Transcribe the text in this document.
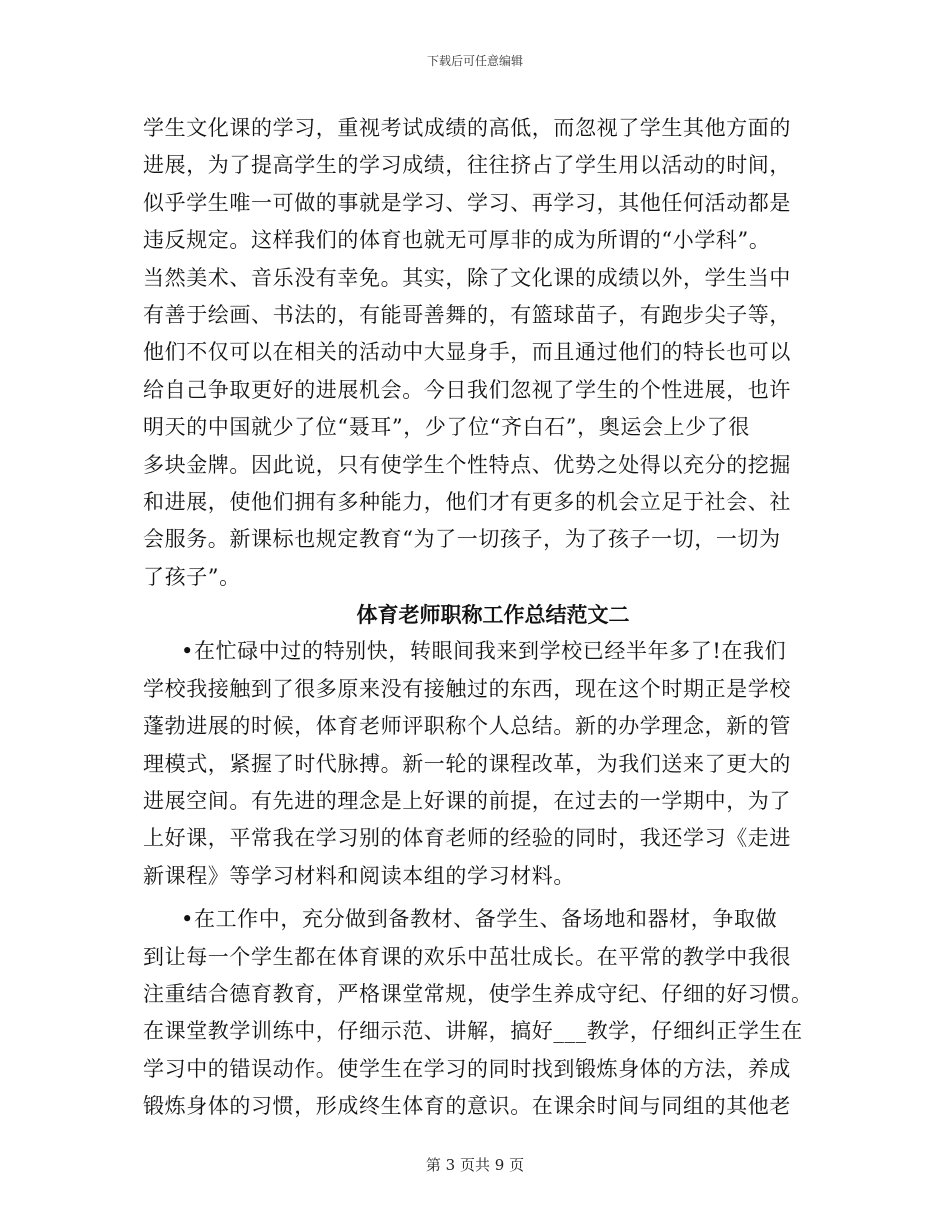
下载后可任意编辑
学生文化课的学习，重视考试成绩的高低，而忽视了学生其他方面的
进展，为了提高学生的学习成绩，往往挤占了学生用以活动的时间，
似乎学生唯一可做的事就是学习、学习、再学习，其他任何活动都是
违反规定。这样我们的体育也就无可厚非的成为所谓的“小学科”。
当然美术、音乐没有幸免。其实，除了文化课的成绩以外，学生当中
有善于绘画、书法的，有能哥善舞的，有篮球苗子，有跑步尖子等，
他们不仅可以在相关的活动中大显身手，而且通过他们的特长也可以
给自己争取更好的进展机会。今日我们忽视了学生的个性进展，也许
明天的中国就少了位“聂耳”，少了位“齐白石”，奥运会上少了很
多块金牌。因此说，只有使学生个性特点、优势之处得以充分的挖掘
和进展，使他们拥有多种能力，他们才有更多的机会立足于社会、社
会服务。新课标也规定教育“为了一切孩子，为了孩子一切，一切为
了孩子”。
体育老师职称工作总结范文二
•在忙碌中过的特别快，转眼间我来到学校已经半年多了!在我们
学校我接触到了很多原来没有接触过的东西，现在这个时期正是学校
蓬勃进展的时候，体育老师评职称个人总结。新的办学理念，新的管
理模式，紧握了时代脉搏。新一轮的课程改革，为我们送来了更大的
进展空间。有先进的理念是上好课的前提，在过去的一学期中，为了
上好课，平常我在学习别的体育老师的经验的同时，我还学习《走进
新课程》等学习材料和阅读本组的学习材料。
•在工作中，充分做到备教材、备学生、备场地和器材，争取做
到让每一个学生都在体育课的欢乐中茁壮成长。在平常的教学中我很
注重结合德育教育，严格课堂常规，使学生养成守纪、仔细的好习惯。
在课堂教学训练中，仔细示范、讲解，搞好___教学，仔细纠正学生在
学习中的错误动作。使学生在学习的同时找到锻炼身体的方法，养成
锻炼身体的习惯，形成终生体育的意识。在课余时间与同组的其他老
第 3 页共 9 页
